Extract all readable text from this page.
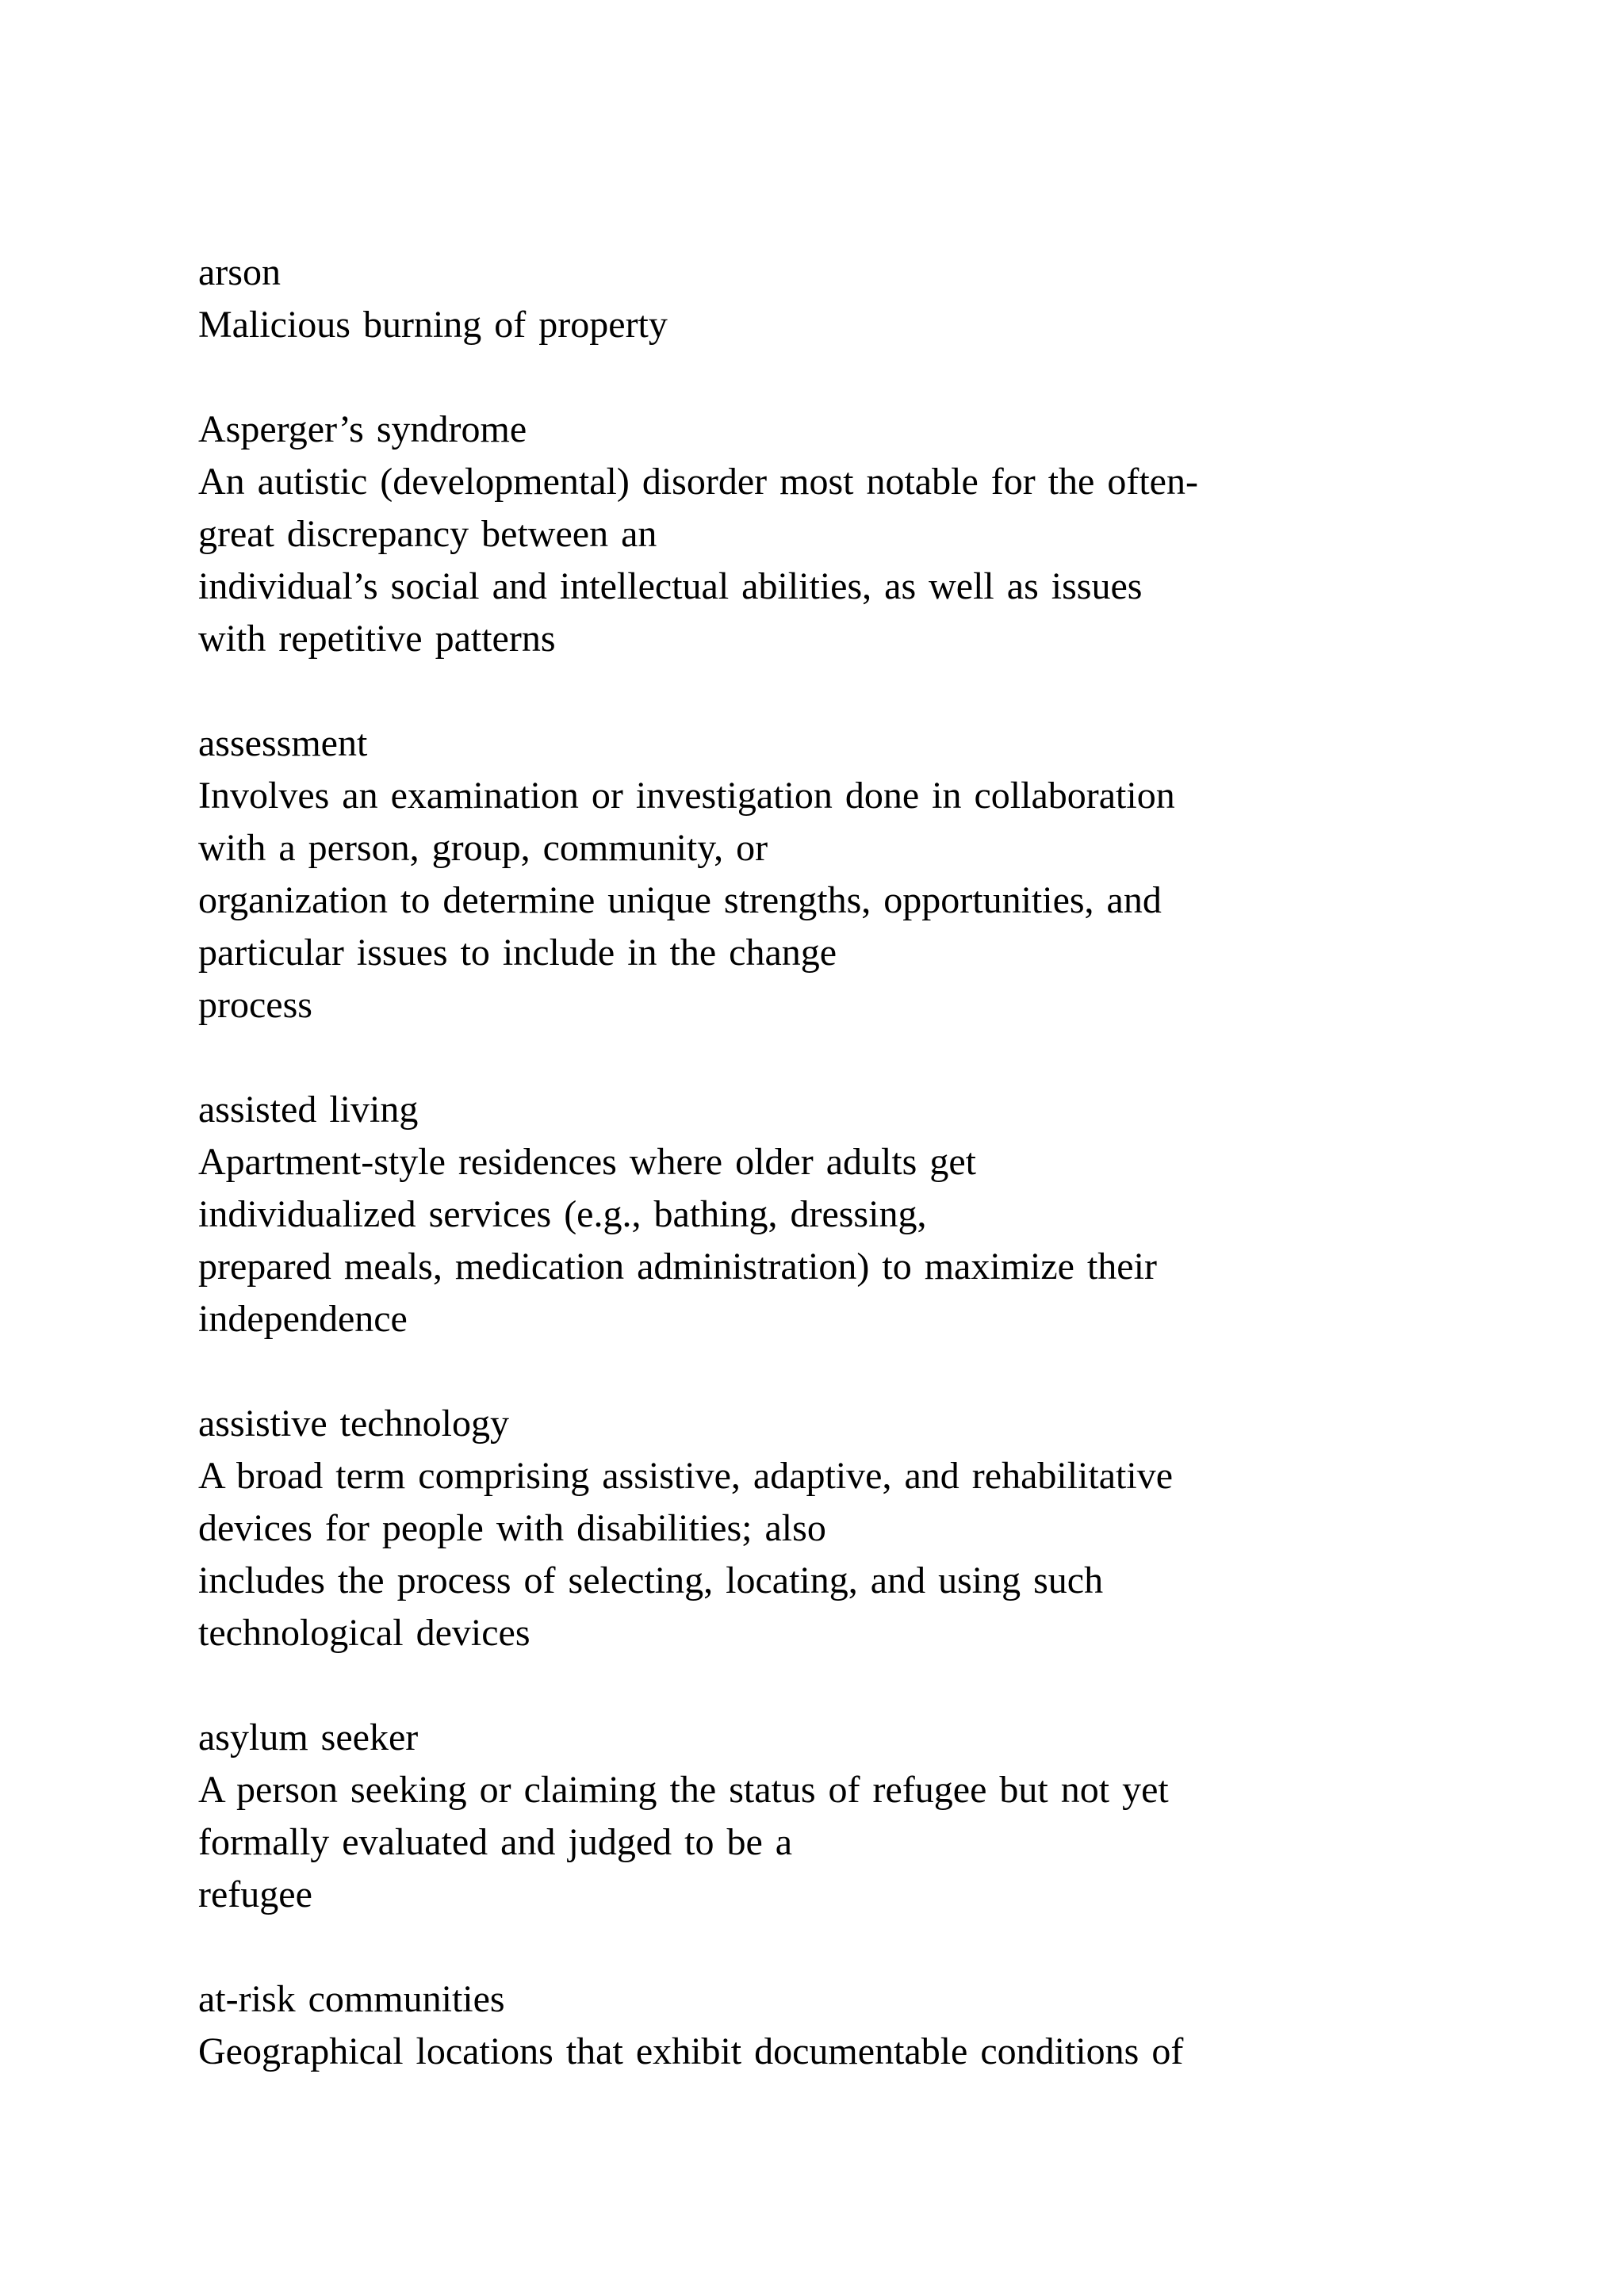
arson
Malicious burning of property
Asperger’s syndrome
An autistic (developmental) disorder most notable for the often-
great discrepancy between an
individual’s social and intellectual abilities, as well as issues
with repetitive patterns
assessment
Involves an examination or investigation done in collaboration
with a person, group, community, or
organization to determine unique strengths, opportunities, and
particular issues to include in the change
process
assisted living
Apartment-style residences where older adults get
individualized services (e.g., bathing, dressing,
prepared meals, medication administration) to maximize their
independence
assistive technology
A broad term comprising assistive, adaptive, and rehabilitative
devices for people with disabilities; also
includes the process of selecting, locating, and using such
technological devices
asylum seeker
A person seeking or claiming the status of refugee but not yet
formally evaluated and judged to be a
refugee
at-risk communities
Geographical locations that exhibit documentable conditions of
